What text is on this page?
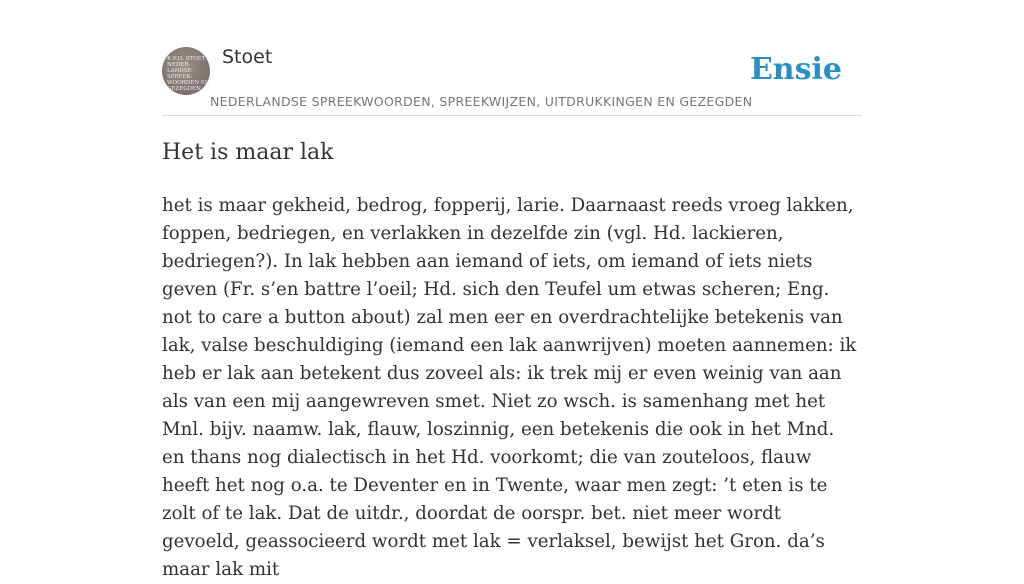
K.F.H. STOET
NEDER-
LANDSE
SPREEK-
WOORDEN EN
GEZEGDEN
Stoet
NEDERLANDSE SPREEKWOORDEN, SPREEKWIJZEN, UITDRUKKINGEN EN GEZEGDEN
Ensie
Het is maar lak

het is maar gekheid, bedrog, fopperij, larie. Daarnaast reeds vroeg lakken, foppen, bedriegen, en verlakken in dezelfde zin (vgl. Hd. lackieren, bedriegen?). In lak hebben aan iemand of iets, om iemand of iets niets geven (Fr. s’en battre l’oeil; Hd. sich den Teufel um etwas scheren; Eng. not to care a button about) zal men eer en overdrachtelijke betekenis van lak, valse beschuldiging (iemand een lak aanwrijven) moeten aannemen: ik heb er lak aan betekent dus zoveel als: ik trek mij er even weinig van aan als van een mij aangewreven smet. Niet zo wsch. is samenhang met het Mnl. bijv. naamw. lak, flauw, loszinnig, een betekenis die ook in het Mnd. en thans nog dialectisch in het Hd. voorkomt; die van zouteloos, flauw heeft het nog o.a. te Deventer en in Twente, waar men zegt: ’t eten is te zolt of te lak. Dat de uitdr., doordat de oorspr. bet. niet meer wordt gevoeld, geassocieerd wordt met lak = verlaksel, bewijst het Gron. da’s maar lak mit
